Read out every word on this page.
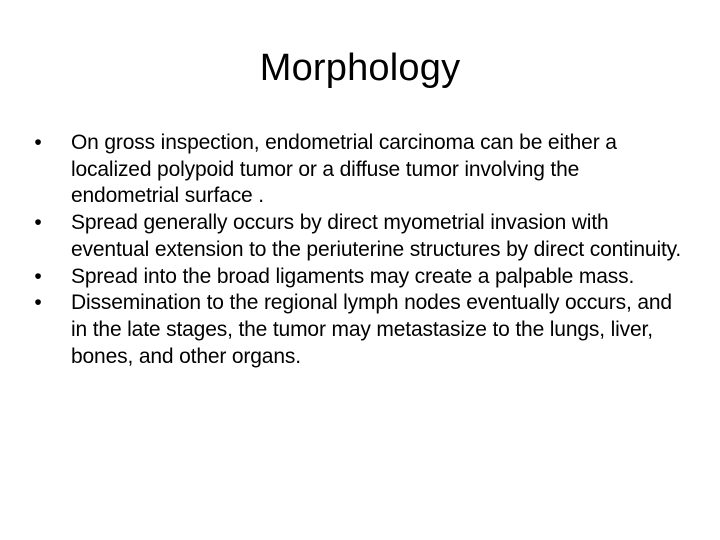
Morphology
•	On gross inspection, endometrial carcinoma can be either a localized polypoid tumor or a diffuse tumor involving the endometrial surface .
•	Spread generally occurs by direct myometrial invasion with eventual extension to the periuterine structures by direct continuity.
•	Spread into the broad ligaments may create a palpable mass.
•	Dissemination to the regional lymph nodes eventually occurs, and in the late stages, the tumor may metastasize to the lungs, liver, bones, and other organs.
